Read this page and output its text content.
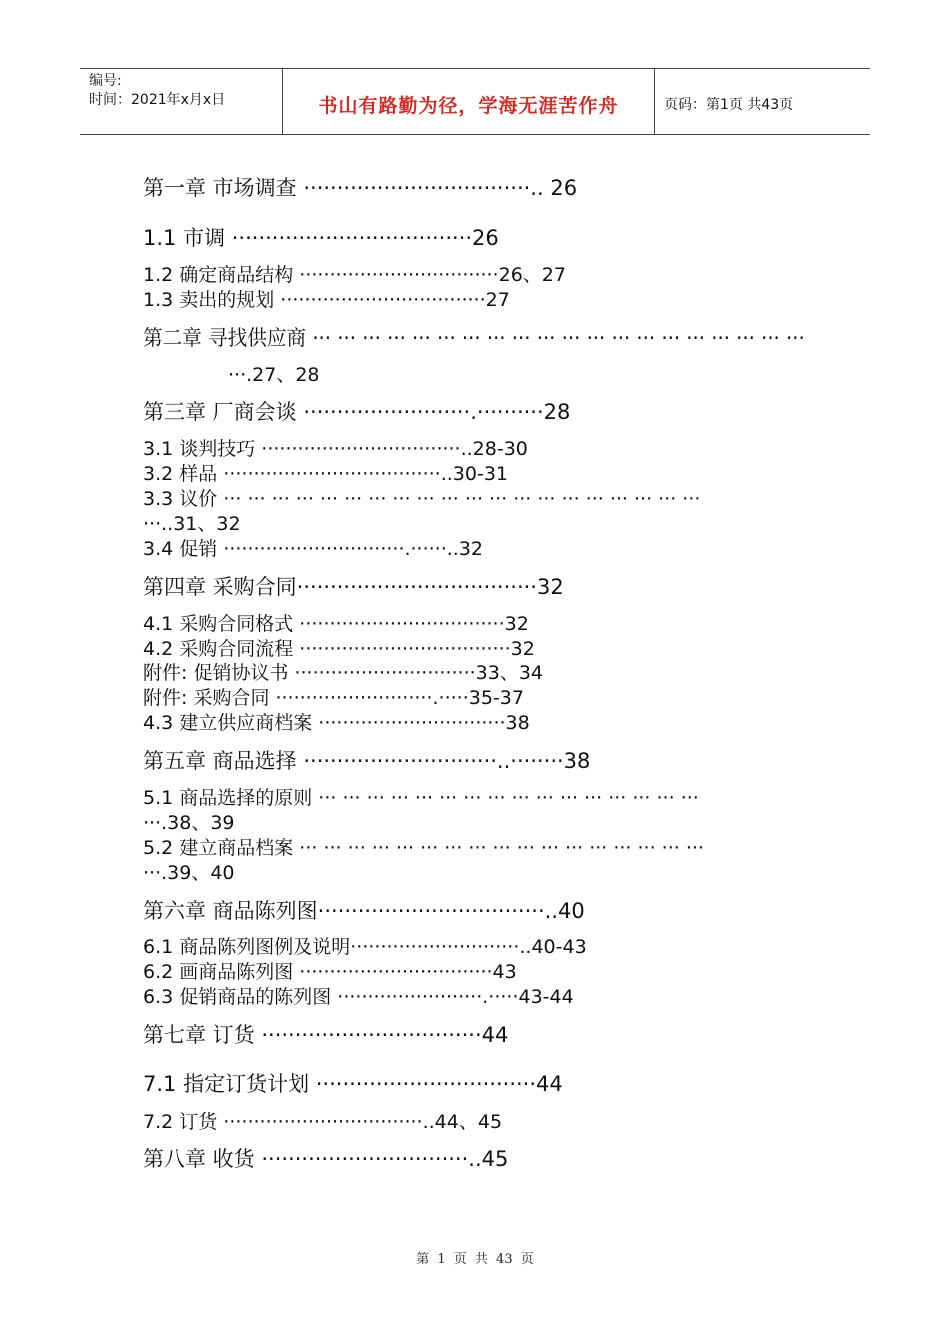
编号:
时间：2021年x月x日	书山有路勤为径，学海无涯苦作舟	页码：第1页 共43页
第一章 市场调查 ··································.. 26
1.1 市调 ····································26
1.2 确定商品结构 ·································26、27
1.3 卖出的规划 ··································27
第二章 寻找供应商 ··· ··· ··· ··· ··· ··· ··· ··· ··· ··· ··· ··· ··· ··· ··· ··· ··· ··· ··· ···
···.27、28
第三章 厂商会谈 ·························.··········28
3.1 谈判技巧 ·································..28-30
3.2 样品 ····································..30-31
3.3 议价 ··· ··· ··· ··· ··· ··· ··· ··· ··· ··· ··· ··· ··· ··· ··· ··· ··· ··· ··· ···
···..31、32
3.4 促销 ······························.······..32
第四章 采购合同····································32
4.1 采购合同格式 ··································32
4.2 采购合同流程 ···································32
附件: 促销协议书 ······························33、34
附件: 采购合同 ··························.·····35-37
4.3 建立供应商档案 ·······························38
第五章 商品选择 ·····························..········38
5.1 商品选择的原则 ··· ··· ··· ··· ··· ··· ··· ··· ··· ··· ··· ··· ··· ··· ··· ···
···.38、39
5.2 建立商品档案 ··· ··· ··· ··· ··· ··· ··· ··· ··· ··· ··· ··· ··· ··· ··· ··· ···
···.39、40
第六章 商品陈列图··································..40
6.1 商品陈列图例及说明····························..40-43
6.2 画商品陈列图 ································43
6.3 促销商品的陈列图 ························.·····43-44
第七章 订货 ·································44
7.1 指定订货计划 ·································44
7.2 订货 ·································..44、45
第八章 收货 ·······························..45
第 1 页 共 43 页
